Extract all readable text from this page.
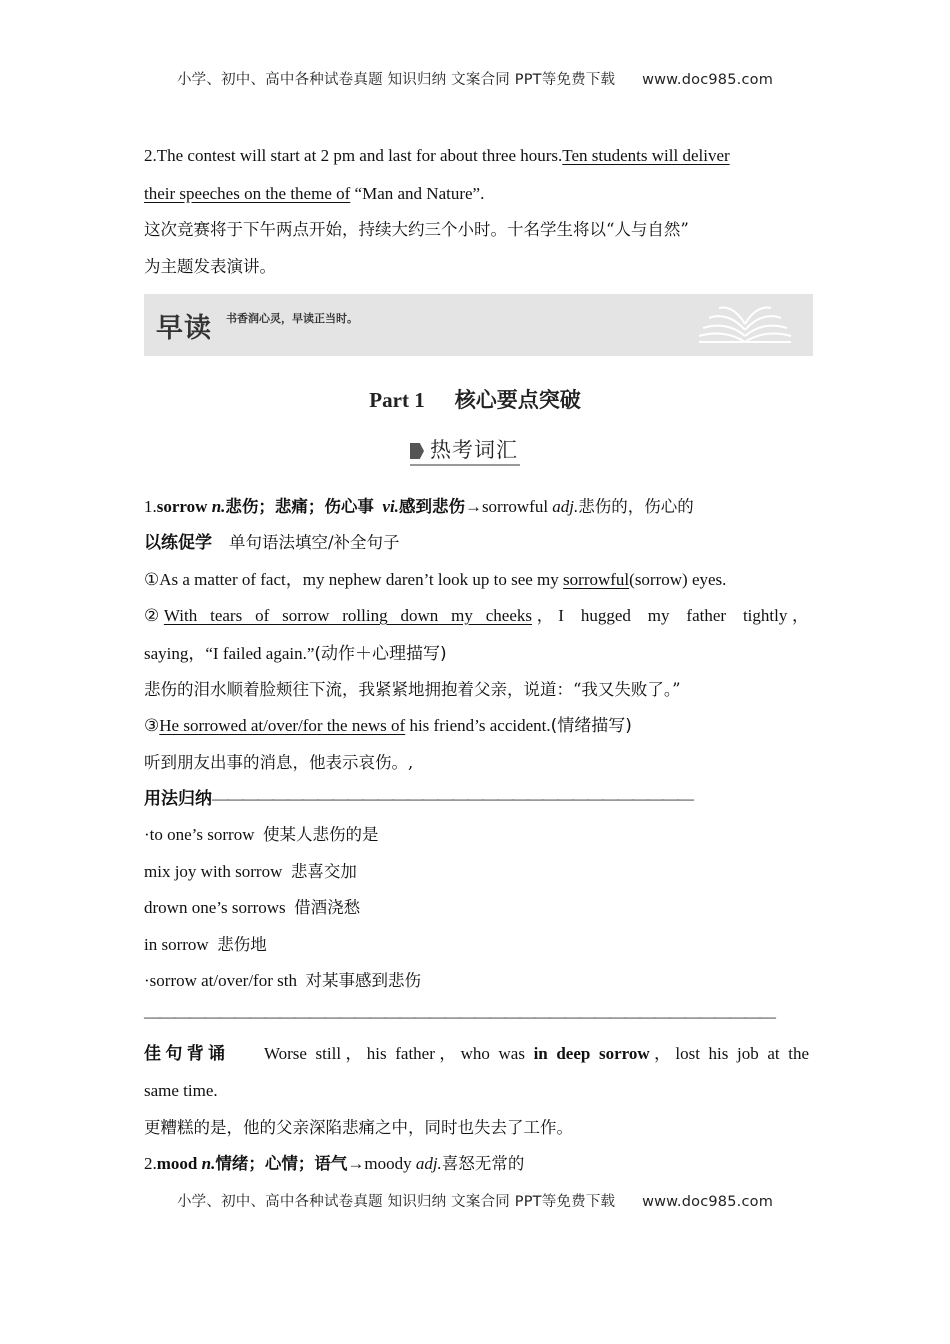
小学、初中、高中各种试卷真题 知识归纳 文案合同 PPT等免费下载 www.doc985.com
2.The contest will start at 2 pm and last for about three hours.Ten students will deliver
their speeches on the theme of “Man and Nature”.
这次竞赛将于下午两点开始，持续大约三个小时。十名学生将以“人与自然”
为主题发表演讲。
早读 书香润心灵，早读正当时。
Part 1 核心要点突破
热考词汇
1.sorrow n.悲伤；悲痛；伤心事 vi.感到悲伤→sorrowful adj.悲伤的，伤心的
以练促学 单句语法填空/补全句子
①As a matter of fact，my nephew daren’t look up to see my sorrowful(sorrow) eyes.
②With tears of sorrow rolling down my cheeks，I hugged my father tightly，
saying，“I failed again.”(动作＋心理描写)
悲伤的泪水顺着脸颊往下流，我紧紧地拥抱着父亲，说道：“我又失败了。”
③He sorrowed at/over/for the news of his friend’s accident.(情绪描写)
听到朋友出事的消息，他表示哀伤。,
用法归纳————————————————————————————————
·to one’s sorrow 使某人悲伤的是
mix joy with sorrow 悲喜交加
drown one’s sorrows 借酒浇愁
in sorrow 悲伤地
·sorrow at/over/for sth 对某事感到悲伤
——————————————————————————————————————————
佳句背诵 Worse still，his father，who was in deep sorrow，lost his job at the
same time.
更糟糕的是，他的父亲深陷悲痛之中，同时也失去了工作。
2.mood n.情绪；心情；语气→moody adj.喜怒无常的
小学、初中、高中各种试卷真题 知识归纳 文案合同 PPT等免费下载 www.doc985.com
